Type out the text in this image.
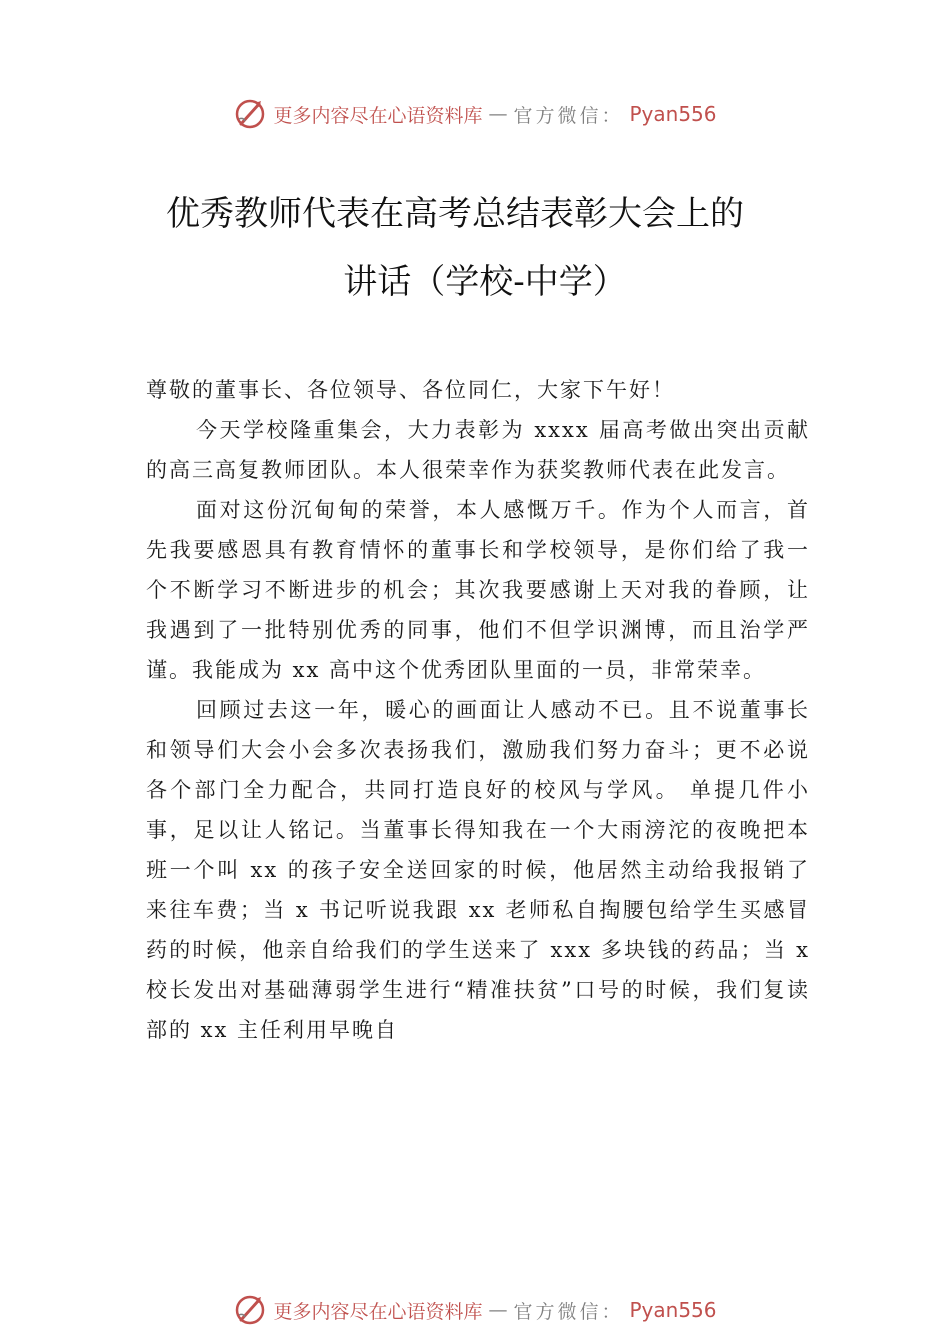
更多内容尽在心语资料库 — 官方微信： Pyan556
优秀教师代表在高考总结表彰大会上的
讲话（学校-中学）

尊敬的董事长、各位领导、各位同仁，大家下午好！

今天学校隆重集会，大力表彰为 xxxx 届高考做出突出贡献的高三高复教师团队。本人很荣幸作为获奖教师代表在此发言。

面对这份沉甸甸的荣誉，本人感慨万千。作为个人而言，首先我要感恩具有教育情怀的董事长和学校领导，是你们给了我一个不断学习不断进步的机会；其次我要感谢上天对我的眷顾，让我遇到了一批特别优秀的同事，他们不但学识渊博，而且治学严谨。我能成为 xx 高中这个优秀团队里面的一员，非常荣幸。

回顾过去这一年，暖心的画面让人感动不已。且不说董事长和领导们大会小会多次表扬我们，激励我们努力奋斗；更不必说各个部门全力配合，共同打造良好的校风与学风。 单提几件小事，足以让人铭记。当董事长得知我在一个大雨滂沱的夜晚把本班一个叫 xx 的孩子安全送回家的时候，他居然主动给我报销了来往车费；当 x 书记听说我跟 xx 老师私自掏腰包给学生买感冒药的时候，他亲自给我们的学生送来了 xxx 多块钱的药品；当 x 校长发出对基础薄弱学生进行“精准扶贫”口号的时候，我们复读部的 xx 主任利用早晚自

更多内容尽在心语资料库 — 官方微信： Pyan556
